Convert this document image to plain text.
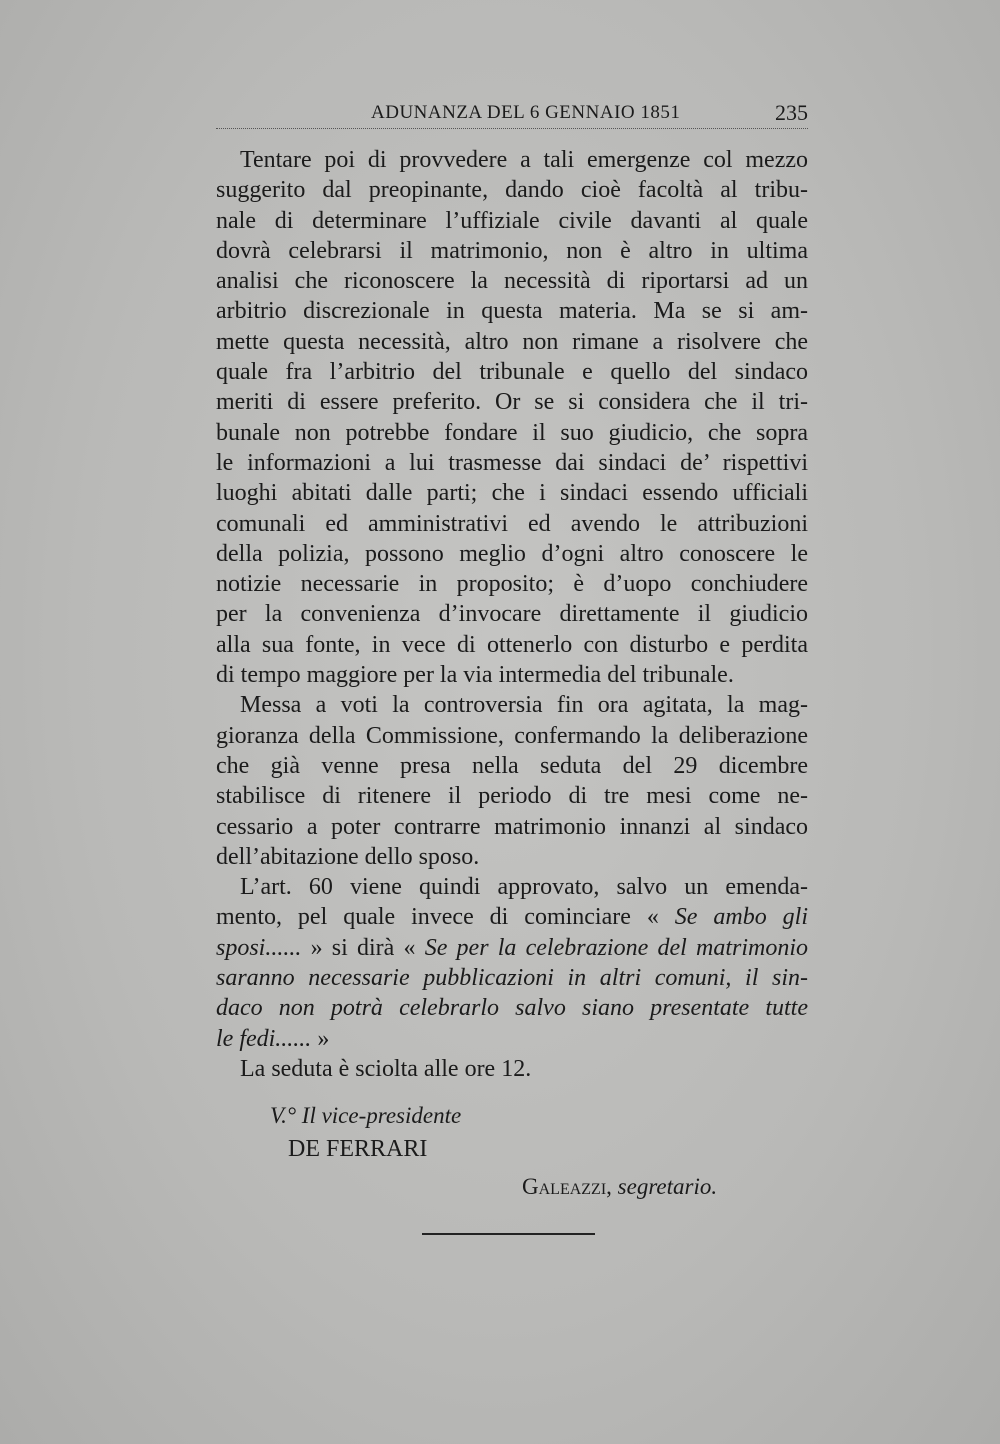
ADUNANZA DEL 6 GENNAIO 1851	235
Tentare poi di provvedere a tali emergenze col mezzo
suggerito dal preopinante, dando cioè facoltà al tribu-
nale di determinare l’uffiziale civile davanti al quale
dovrà celebrarsi il matrimonio, non è altro in ultima
analisi che riconoscere la necessità di riportarsi ad un
arbitrio discrezionale in questa materia. Ma se si am-
mette questa necessità, altro non rimane a risolvere che
quale fra l’arbitrio del tribunale e quello del sindaco
meriti di essere preferito. Or se si considera che il tri-
bunale non potrebbe fondare il suo giudicio, che sopra
le informazioni a lui trasmesse dai sindaci de’ rispettivi
luoghi abitati dalle parti; che i sindaci essendo ufficiali
comunali ed amministrativi ed avendo le attribuzioni
della polizia, possono meglio d’ogni altro conoscere le
notizie necessarie in proposito; è d’uopo conchiudere
per la convenienza d’invocare direttamente il giudicio
alla sua fonte, in vece di ottenerlo con disturbo e perdita
di tempo maggiore per la via intermedia del tribunale.
Messa a voti la controversia fin ora agitata, la mag-
gioranza della Commissione, confermando la deliberazione
che già venne presa nella seduta del 29 dicembre
stabilisce di ritenere il periodo di tre mesi come ne-
cessario a poter contrarre matrimonio innanzi al sindaco
dell’abitazione dello sposo.
L’art. 60 viene quindi approvato, salvo un emenda-
mento, pel quale invece di cominciare « Se ambo gli
sposi...... » si dirà « Se per la celebrazione del matrimonio
saranno necessarie pubblicazioni in altri comuni, il sin-
daco non potrà celebrarlo salvo siano presentate tutte
le fedi...... »
La seduta è sciolta alle ore 12.
V.° Il vice-presidente
DE FERRARI
Galeazzi, segretario.
